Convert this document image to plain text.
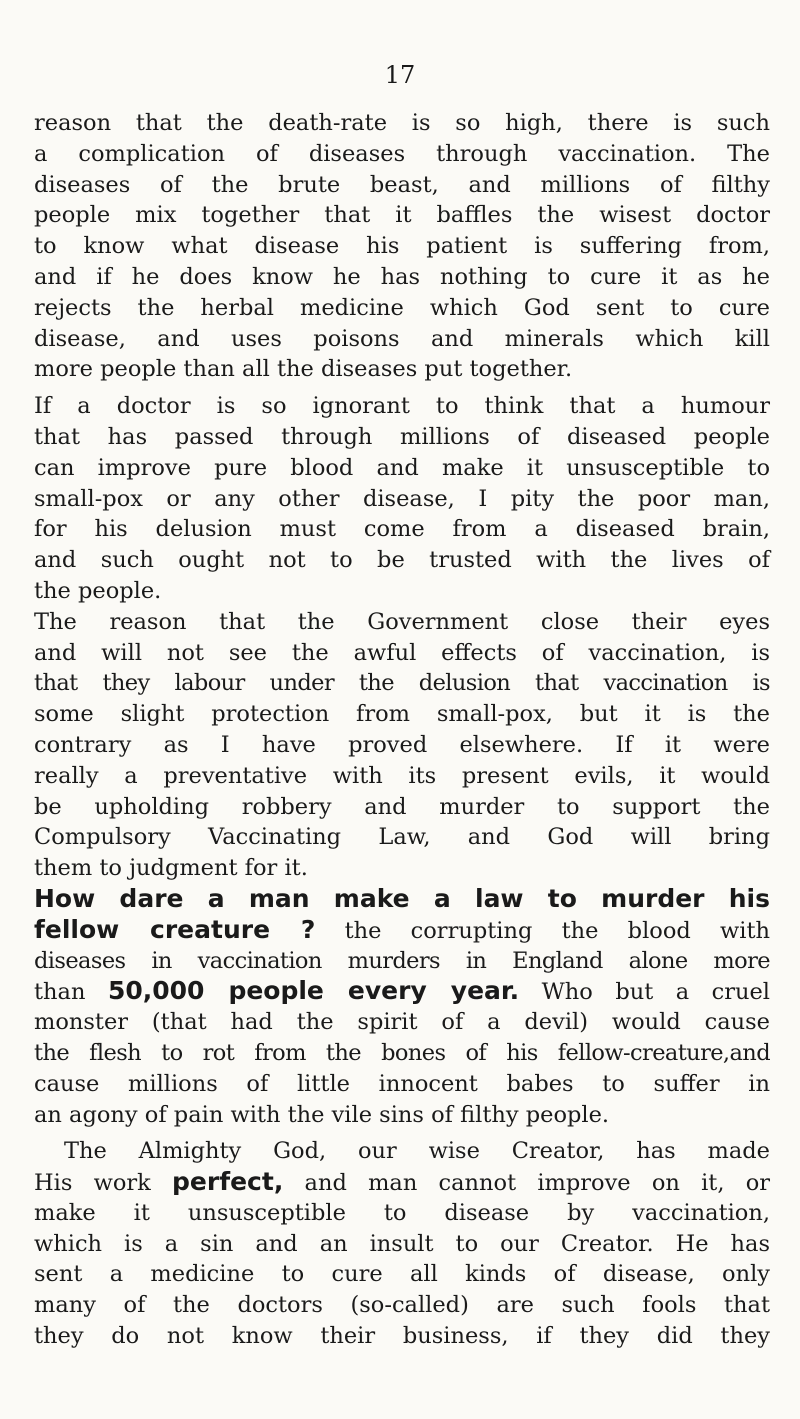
17
reason that the death-rate is so high, there is such
a complication of diseases through vaccination. The
diseases of the brute beast, and millions of filthy
people mix together that it baffles the wisest doctor
to know what disease his patient is suffering from,
and if he does know he has nothing to cure it as he
rejects the herbal medicine which God sent to cure
disease, and uses poisons and minerals which kill
more people than all the diseases put together.
If a doctor is so ignorant to think that a humour
that has passed through millions of diseased people
can improve pure blood and make it unsusceptible to
small-pox or any other disease, I pity the poor man,
for his delusion must come from a diseased brain,
and such ought not to be trusted with the lives of
the people.
The reason that the Government close their eyes
and will not see the awful effects of vaccination, is
that they labour under the delusion that vaccination is
some slight protection from small-pox, but it is the
contrary as I have proved elsewhere. If it were
really a preventative with its present evils, it would
be upholding robbery and murder to support the
Compulsory Vaccinating Law, and God will bring
them to judgment for it.
How dare a man make a law to murder his
fellow creature ? the corrupting the blood with
diseases in vaccination murders in England alone more
than 50,000 people every year. Who but a cruel
monster (that had the spirit of a devil) would cause
the flesh to rot from the bones of his fellow-creature,and
cause millions of little innocent babes to suffer in
an agony of pain with the vile sins of filthy people.
The Almighty God, our wise Creator, has made
His work perfect, and man cannot improve on it, or
make it unsusceptible to disease by vaccination,
which is a sin and an insult to our Creator. He has
sent a medicine to cure all kinds of disease, only
many of the doctors (so-called) are such fools that
they do not know their business, if they did they
